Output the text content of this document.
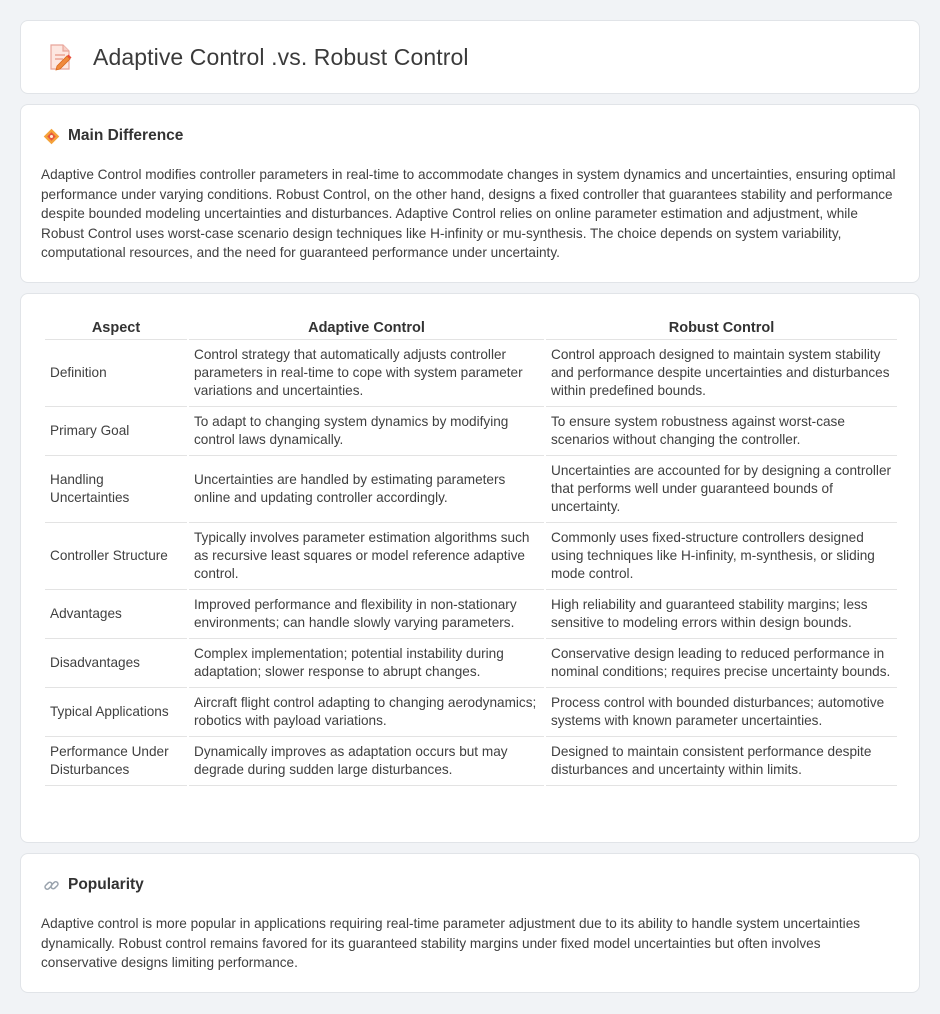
Adaptive Control .vs. Robust Control
Main Difference

Adaptive Control modifies controller parameters in real-time to accommodate changes in system dynamics and uncertainties, ensuring optimal performance under varying conditions. Robust Control, on the other hand, designs a fixed controller that guarantees stability and performance despite bounded modeling uncertainties and disturbances. Adaptive Control relies on online parameter estimation and adjustment, while Robust Control uses worst-case scenario design techniques like H-infinity or mu-synthesis. The choice depends on system variability, computational resources, and the need for guaranteed performance under uncertainty.

Aspect	Adaptive Control	Robust Control
Definition	Control strategy that automatically adjusts controller parameters in real-time to cope with system parameter variations and uncertainties.	Control approach designed to maintain system stability and performance despite uncertainties and disturbances within predefined bounds.
Primary Goal	To adapt to changing system dynamics by modifying control laws dynamically.	To ensure system robustness against worst-case scenarios without changing the controller.
Handling Uncertainties	Uncertainties are handled by estimating parameters online and updating controller accordingly.	Uncertainties are accounted for by designing a controller that performs well under guaranteed bounds of uncertainty.
Controller Structure	Typically involves parameter estimation algorithms such as recursive least squares or model reference adaptive control.	Commonly uses fixed-structure controllers designed using techniques like H-infinity, m-synthesis, or sliding mode control.
Advantages	Improved performance and flexibility in non-stationary environments; can handle slowly varying parameters.	High reliability and guaranteed stability margins; less sensitive to modeling errors within design bounds.
Disadvantages	Complex implementation; potential instability during adaptation; slower response to abrupt changes.	Conservative design leading to reduced performance in nominal conditions; requires precise uncertainty bounds.
Typical Applications	Aircraft flight control adapting to changing aerodynamics; robotics with payload variations.	Process control with bounded disturbances; automotive systems with known parameter uncertainties.
Performance Under Disturbances	Dynamically improves as adaptation occurs but may degrade during sudden large disturbances.	Designed to maintain consistent performance despite disturbances and uncertainty within limits.
Popularity

Adaptive control is more popular in applications requiring real-time parameter adjustment due to its ability to handle system uncertainties dynamically. Robust control remains favored for its guaranteed stability margins under fixed model uncertainties but often involves conservative designs limiting performance.
